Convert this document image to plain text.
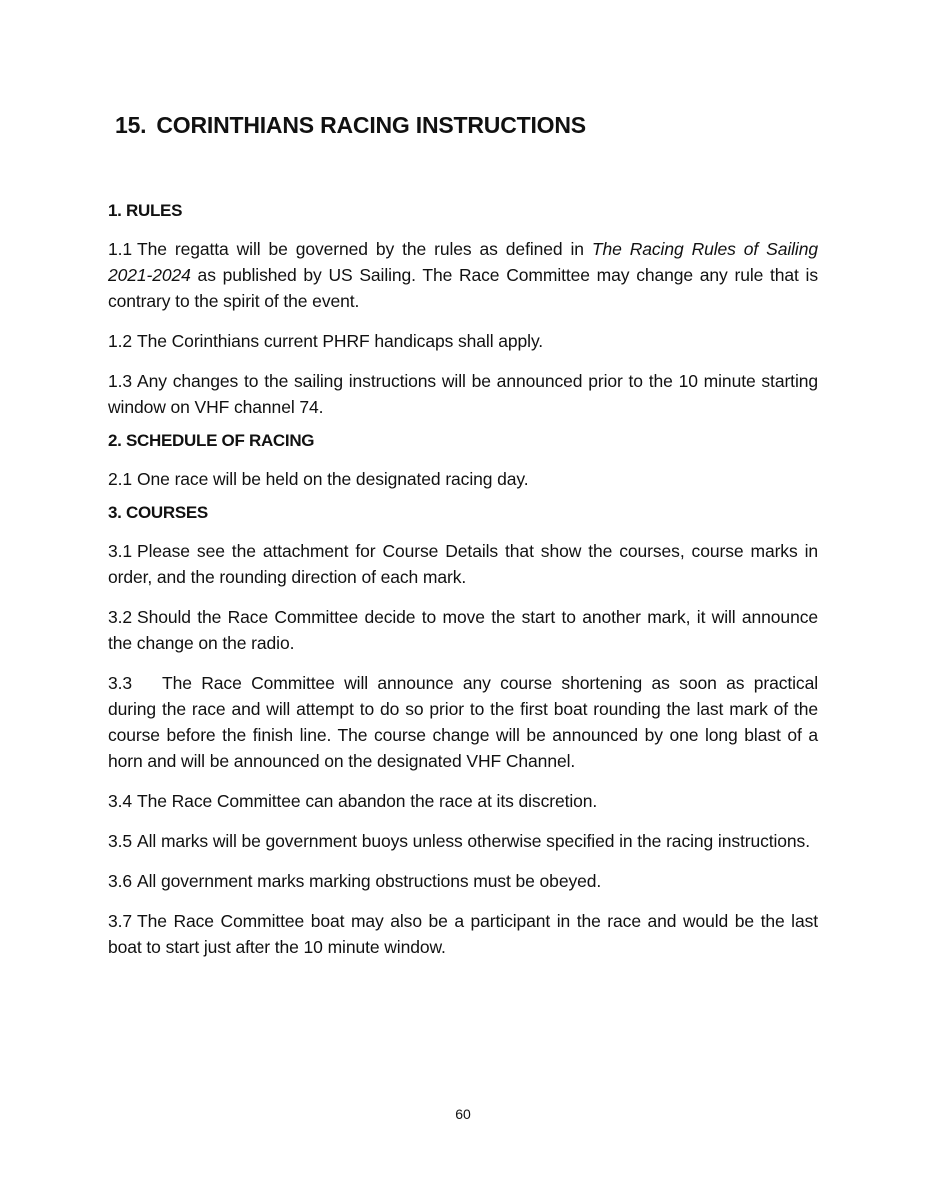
15. CORINTHIANS RACING INSTRUCTIONS
1. RULES

1.1 The regatta will be governed by the rules as defined in The Racing Rules of Sailing 2021-2024 as published by US Sailing. The Race Committee may change any rule that is contrary to the spirit of the event.

1.2 The Corinthians current PHRF handicaps shall apply.

1.3 Any changes to the sailing instructions will be announced prior to the 10 minute starting window on VHF channel 74.

2. SCHEDULE OF RACING

2.1 One race will be held on the designated racing day.

3. COURSES

3.1 Please see the attachment for Course Details that show the courses, course marks in order, and the rounding direction of each mark.

3.2 Should the Race Committee decide to move the start to another mark, it will announce the change on the radio.

3.3 The Race Committee will announce any course shortening as soon as practical during the race and will attempt to do so prior to the first boat rounding the last mark of the course before the finish line. The course change will be announced by one long blast of a horn and will be announced on the designated VHF Channel.

3.4 The Race Committee can abandon the race at its discretion.

3.5 All marks will be government buoys unless otherwise specified in the racing instructions.

3.6 All government marks marking obstructions must be obeyed.

3.7 The Race Committee boat may also be a participant in the race and would be the last boat to start just after the 10 minute window.

60
